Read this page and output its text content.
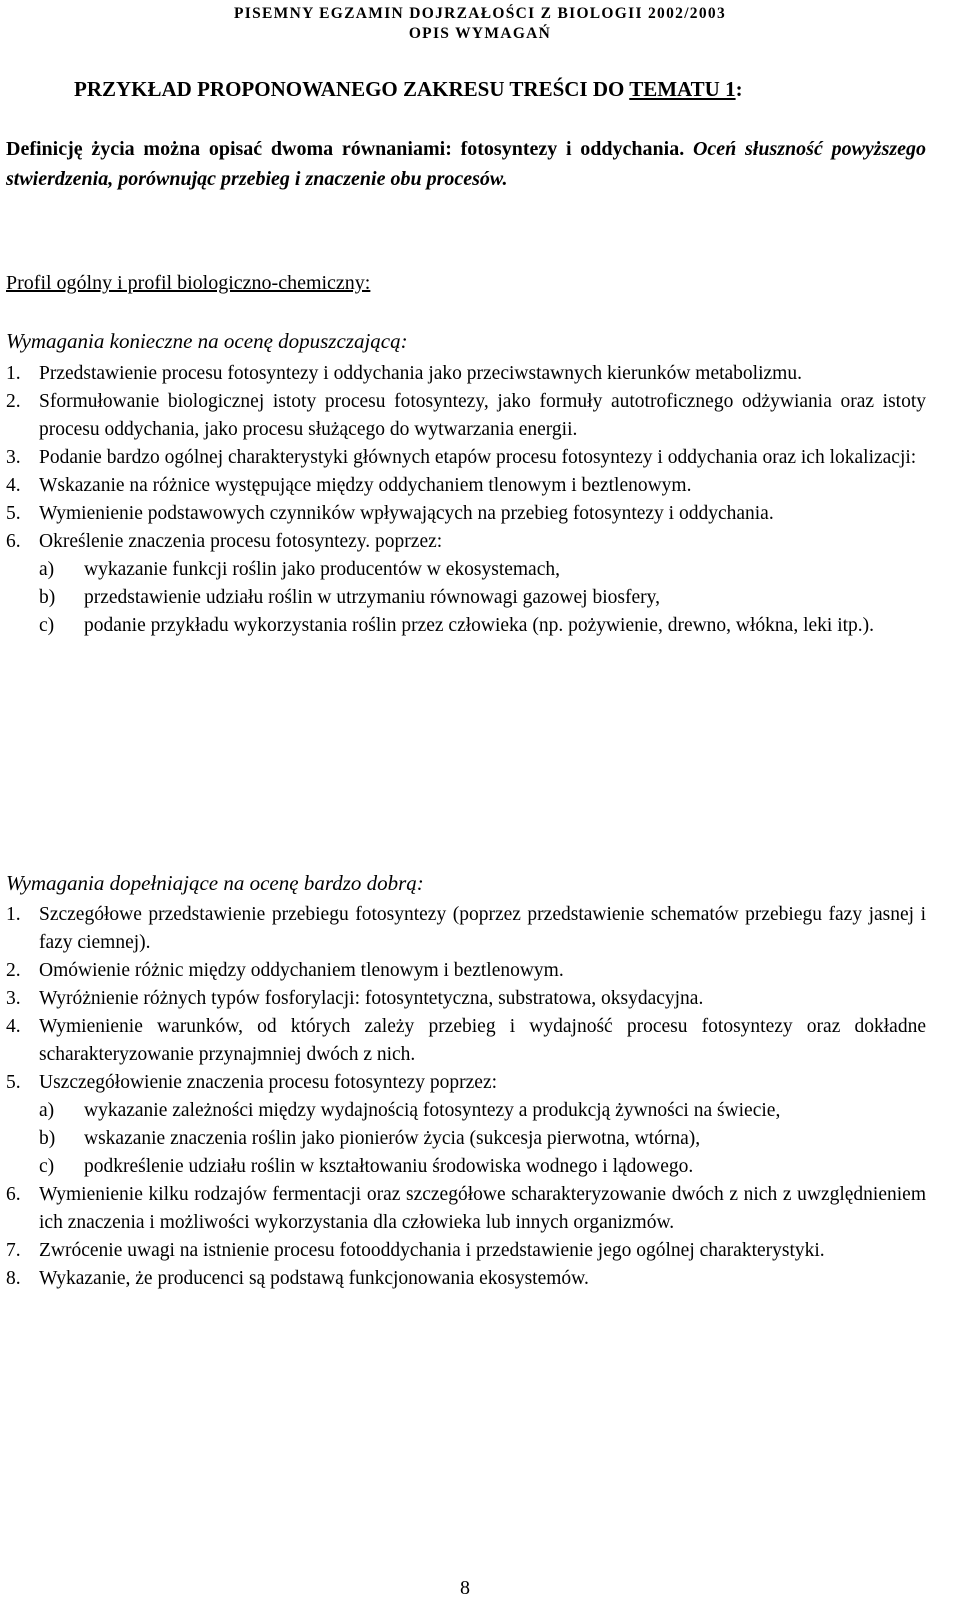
PISEMNY EGZAMIN DOJRZAŁOŚCI Z BIOLOGII 2002/2003
OPIS WYMAGAŃ
PRZYKŁAD PROPONOWANEGO ZAKRESU TREŚCI DO TEMATU 1:
Definicję życia można opisać dwoma równaniami: fotosyntezy i oddychania. Oceń słuszność powyższego stwierdzenia, porównując przebieg i znaczenie obu procesów.
Profil ogólny i profil biologiczno-chemiczny:
Wymagania konieczne na ocenę dopuszczającą:
1. Przedstawienie procesu fotosyntezy i oddychania jako przeciwstawnych kierunków metabolizmu.
2. Sformułowanie biologicznej istoty procesu fotosyntezy, jako formuły autotroficznego odżywiania oraz istoty procesu oddychania, jako procesu służącego do wytwarzania energii.
3. Podanie bardzo ogólnej charakterystyki głównych etapów procesu fotosyntezy i oddychania oraz ich lokalizacji:
4. Wskazanie na różnice występujące między oddychaniem tlenowym i beztlenowym.
5. Wymienienie podstawowych czynników wpływających na przebieg fotosyntezy i oddychania.
6. Określenie znaczenia procesu fotosyntezy. poprzez:
a) wykazanie funkcji roślin jako producentów w ekosystemach,
b) przedstawienie udziału roślin w utrzymaniu równowagi gazowej biosfery,
c) podanie przykładu wykorzystania roślin przez człowieka (np. pożywienie, drewno, włókna, leki itp.).
Wymagania dopełniające na ocenę bardzo dobrą:
1. Szczegółowe przedstawienie przebiegu fotosyntezy (poprzez przedstawienie schematów przebiegu fazy jasnej i fazy ciemnej).
2. Omówienie różnic między oddychaniem tlenowym i beztlenowym.
3. Wyróżnienie różnych typów fosforylacji: fotosyntetyczna, substratowa, oksydacyjna.
4. Wymienienie warunków, od których zależy przebieg i wydajność procesu fotosyntezy oraz dokładne scharakteryzowanie przynajmniej dwóch z nich.
5. Uszczegółowienie znaczenia procesu fotosyntezy poprzez:
a) wykazanie zależności między wydajnością fotosyntezy a produkcją żywności na świecie,
b) wskazanie znaczenia roślin jako pionierów życia (sukcesja pierwotna, wtórna),
c) podkreślenie udziału roślin w kształtowaniu środowiska wodnego i lądowego.
6. Wymienienie kilku rodzajów fermentacji oraz szczegółowe scharakteryzowanie dwóch z nich z uwzględnieniem ich znaczenia i możliwości wykorzystania dla człowieka lub innych organizmów.
7. Zwrócenie uwagi na istnienie procesu fotooddychania i przedstawienie jego ogólnej charakterystyki.
8. Wykazanie, że producenci są podstawą funkcjonowania ekosystemów.
8
